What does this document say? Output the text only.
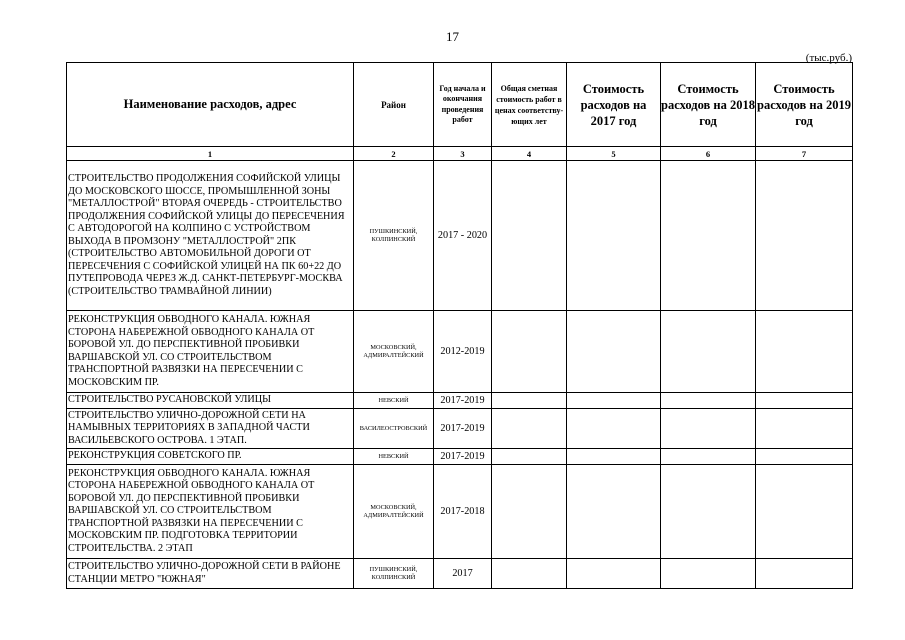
17
(тыс.руб.)
Наименование расходов, адрес	Район	Год начала и окончания проведения работ	Общая сметная стоимость работ в ценах соответству-ющих лет	Стоимость расходов на 2017 год	Стоимость расходов на 2018 год	Стоимость расходов на 2019 год
1	2	3	4	5	6	7
СТРОИТЕЛЬСТВО ПРОДОЛЖЕНИЯ СОФИЙСКОЙ УЛИЦЫ ДО МОСКОВСКОГО ШОССЕ, ПРОМЫШЛЕННОЙ ЗОНЫ "МЕТАЛЛОСТРОЙ" ВТОРАЯ ОЧЕРЕДЬ - СТРОИТЕЛЬСТВО ПРОДОЛЖЕНИЯ СОФИЙСКОЙ УЛИЦЫ ДО ПЕРЕСЕЧЕНИЯ С АВТОДОРОГОЙ НА КОЛПИНО С УСТРОЙСТВОМ ВЫХОДА В ПРОМЗОНУ "МЕТАЛЛОСТРОЙ" 2ПК (СТРОИТЕЛЬСТВО АВТОМОБИЛЬНОЙ ДОРОГИ ОТ ПЕРЕСЕЧЕНИЯ С СОФИЙСКОЙ УЛИЦЕЙ НА ПК 60+22 ДО ПУТЕПРОВОДА ЧЕРЕЗ Ж.Д. САНКТ-ПЕТЕРБУРГ-МОСКВА (СТРОИТЕЛЬСТВО ТРАМВАЙНОЙ ЛИНИИ)	ПУШКИНСКИЙ, КОЛПИНСКИЙ	2017 - 2020				
РЕКОНСТРУКЦИЯ ОБВОДНОГО КАНАЛА. ЮЖНАЯ СТОРОНА НАБЕРЕЖНОЙ ОБВОДНОГО КАНАЛА ОТ БОРОВОЙ УЛ. ДО ПЕРСПЕКТИВНОЙ ПРОБИВКИ ВАРШАВСКОЙ УЛ. СО СТРОИТЕЛЬСТВОМ ТРАНСПОРТНОЙ РАЗВЯЗКИ НА ПЕРЕСЕЧЕНИИ С МОСКОВСКИМ ПР.	МОСКОВСКИЙ, АДМИРАЛТЕЙСКИЙ	2012-2019				
СТРОИТЕЛЬСТВО РУСАНОВСКОЙ УЛИЦЫ	НЕВСКИЙ	2017-2019				
СТРОИТЕЛЬСТВО УЛИЧНО-ДОРОЖНОЙ СЕТИ НА НАМЫВНЫХ ТЕРРИТОРИЯХ В ЗАПАДНОЙ ЧАСТИ ВАСИЛЬЕВСКОГО ОСТРОВА. 1 ЭТАП.	ВАСИЛЕОСТРОВСКИЙ	2017-2019				
РЕКОНСТРУКЦИЯ СОВЕТСКОГО ПР.	НЕВСКИЙ	2017-2019				
РЕКОНСТРУКЦИЯ ОБВОДНОГО КАНАЛА. ЮЖНАЯ СТОРОНА НАБЕРЕЖНОЙ ОБВОДНОГО КАНАЛА ОТ БОРОВОЙ УЛ. ДО ПЕРСПЕКТИВНОЙ ПРОБИВКИ ВАРШАВСКОЙ УЛ. СО СТРОИТЕЛЬСТВОМ ТРАНСПОРТНОЙ РАЗВЯЗКИ НА ПЕРЕСЕЧЕНИИ С МОСКОВСКИМ ПР. ПОДГОТОВКА ТЕРРИТОРИИ СТРОИТЕЛЬСТВА. 2 ЭТАП	МОСКОВСКИЙ, АДМИРАЛТЕЙСКИЙ	2017-2018				
СТРОИТЕЛЬСТВО УЛИЧНО-ДОРОЖНОЙ СЕТИ В РАЙОНЕ СТАНЦИИ МЕТРО "ЮЖНАЯ"	ПУШКИНСКИЙ, КОЛПИНСКИЙ	2017				
